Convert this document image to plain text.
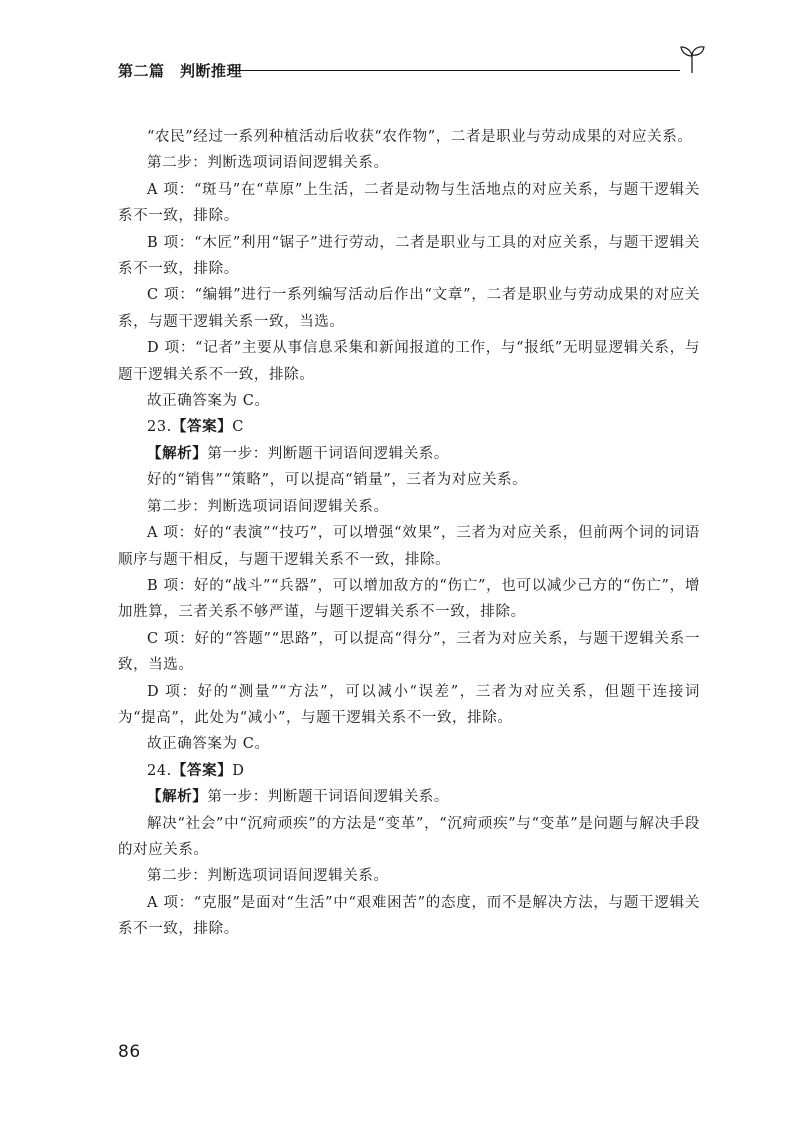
第二篇　判断推理

“农民”经过一系列种植活动后收获“农作物”，二者是职业与劳动成果的对应关系。

第二步：判断选项词语间逻辑关系。

A 项：“斑马”在“草原”上生活，二者是动物与生活地点的对应关系，与题干逻辑关系不一致，排除。

B 项：“木匠”利用“锯子”进行劳动，二者是职业与工具的对应关系，与题干逻辑关系不一致，排除。

C 项：“编辑”进行一系列编写活动后作出“文章”，二者是职业与劳动成果的对应关系，与题干逻辑关系一致，当选。

D 项：“记者”主要从事信息采集和新闻报道的工作，与“报纸”无明显逻辑关系，与题干逻辑关系不一致，排除。

故正确答案为 C。

23.【答案】C

【解析】第一步：判断题干词语间逻辑关系。

好的“销售”“策略”，可以提高“销量”，三者为对应关系。

第二步：判断选项词语间逻辑关系。

A 项：好的“表演”“技巧”，可以增强“效果”，三者为对应关系，但前两个词的词语顺序与题干相反，与题干逻辑关系不一致，排除。

B 项：好的“战斗”“兵器”，可以增加敌方的“伤亡”，也可以减少己方的“伤亡”，增加胜算，三者关系不够严谨，与题干逻辑关系不一致，排除。

C 项：好的“答题”“思路”，可以提高“得分”，三者为对应关系，与题干逻辑关系一致，当选。

D 项：好的“测量”“方法”，可以减小“误差”，三者为对应关系，但题干连接词为“提高”，此处为“减小”，与题干逻辑关系不一致，排除。

故正确答案为 C。

24.【答案】D

【解析】第一步：判断题干词语间逻辑关系。

解决“社会”中“沉疴顽疾”的方法是“变革”，“沉疴顽疾”与“变革”是问题与解决手段的对应关系。

第二步：判断选项词语间逻辑关系。

A 项：“克服”是面对“生活”中“艰难困苦”的态度，而不是解决方法，与题干逻辑关系不一致，排除。

86
